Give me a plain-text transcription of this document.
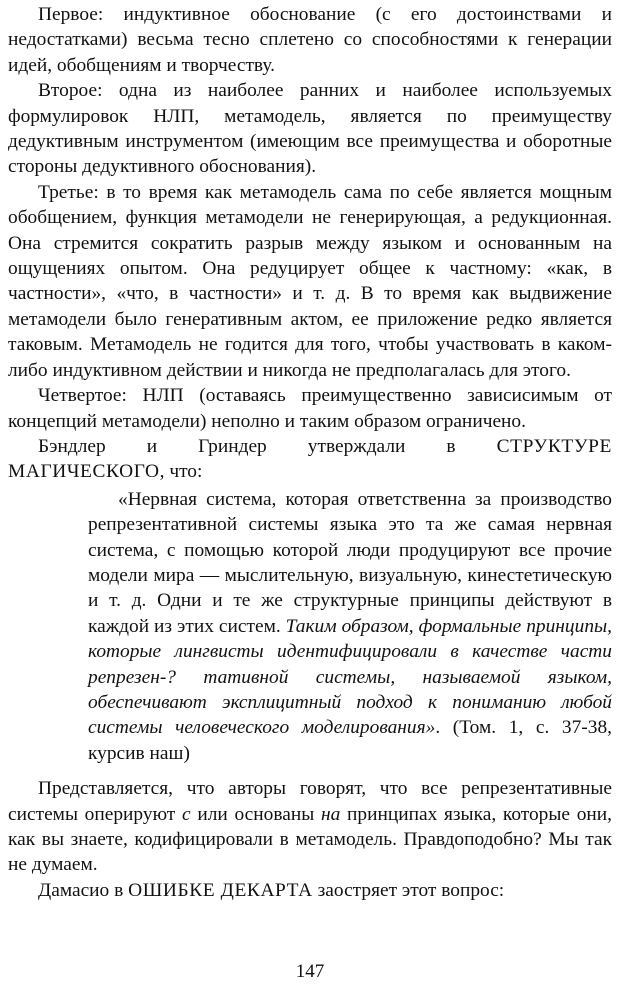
Первое: индуктивное обоснование (с его достоинствами и недостатками) весьма тесно сплетено со способностями к генерации идей, обобщениям и творчеству.

Второе: одна из наиболее ранних и наиболее используемых формулировок НЛП, метамодель, является по преимуществу дедуктивным инструментом (имеющим все преимущества и оборотные стороны дедуктивного обоснования).

Третье: в то время как метамодель сама по себе является мощным обобщением, функция метамодели не генерирующая, а редукционная. Она стремится сократить разрыв между языком и основанным на ощущениях опытом. Она редуцирует общее к частному: «как, в частности», «что, в частности» и т. д. В то время как выдвижение метамодели было генеративным актом, ее приложение редко является таковым. Метамодель не годится для того, чтобы участвовать в каком-либо индуктивном действии и никогда не предполагалась для этого.

Четвертое: НЛП (оставаясь преимущественно зависисимым от концепций метамодели) неполно и таким образом ограничено.

Бэндлер и Гриндер утверждали в СТРУКТУРЕ

МАГИЧЕСКОГО, что:

«Нервная система, которая ответственна за производство репрезентативной системы языка это та же самая нервная система, с помощью которой люди продуцируют все прочие модели мира — мыслительную, визуальную, кинестетическую и т. д. Одни и те же структурные принципы действуют в каждой из этих систем. Таким образом, формальные принципы, которые лингвисты идентифицировали в качестве части репрезен-? тативной системы, называемой языком, обеспечивают эксплицитный подход к пониманию любой системы человеческого моделирования». (Том. 1, с. 37-38, курсив наш)

Представляется, что авторы говорят, что все репрезентативные системы оперируют с или основаны на принципах языка, которые они, как вы знаете, кодифицировали в метамодель. Правдоподобно? Мы так не думаем.

Дамасио в ОШИБКЕ ДЕКАРТА заостряет этот вопрос:

147
